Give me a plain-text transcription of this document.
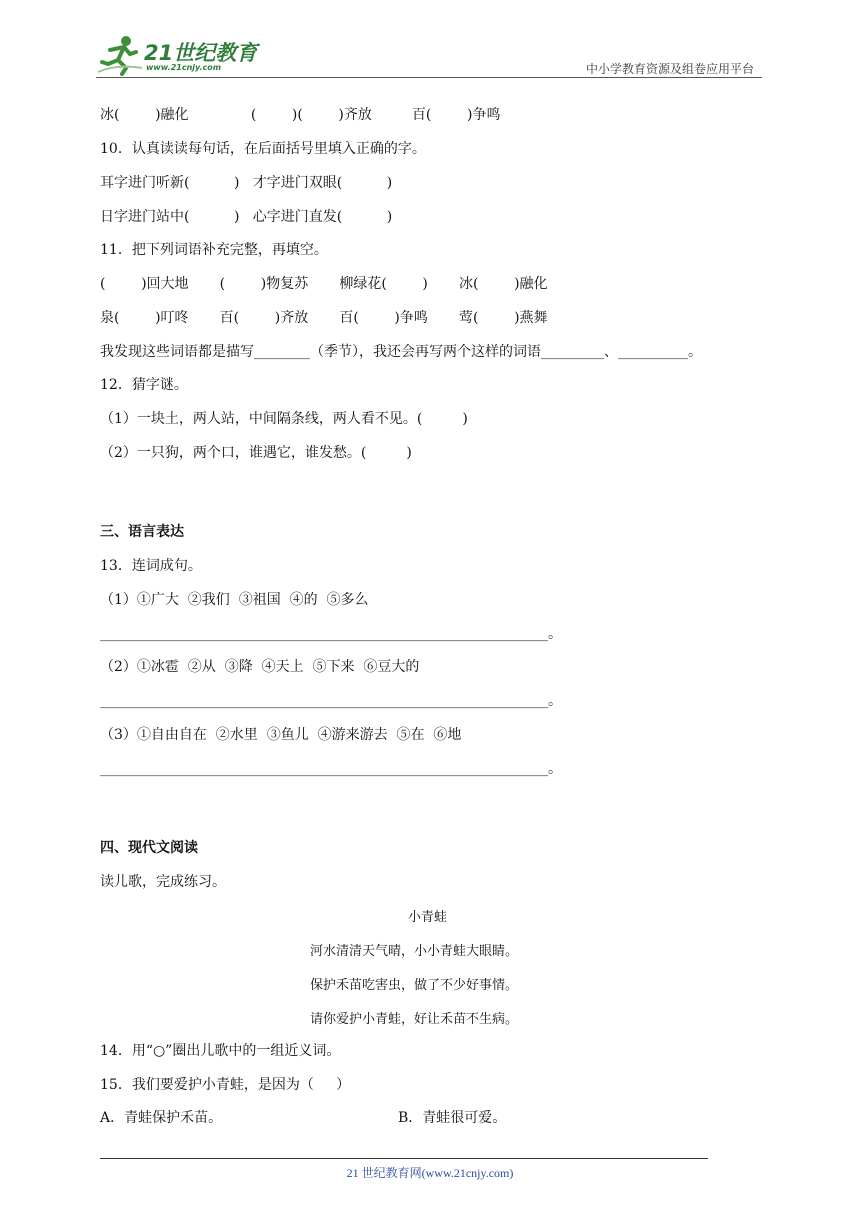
21世纪教育
www.21cnjy.com	中小学教育资源及组卷应用平台
冰(        )融化              (        )(        )齐放         百(        )争鸣
10．认真读读每句话，在后面括号里填入正确的字。
耳字进门听新(          )   才字进门双眼(          )
日字进门站中(          )   心字进门直发(          )
11．把下列词语补充完整，再填空。
(        )回大地       (        )物复苏       柳绿花(        )       冰(        )融化
泉(        )叮咚       百(        )齐放       百(        )争鸣       莺(        )燕舞
我发现这些词语都是描写________（季节），我还会再写两个这样的词语_________、__________。
12．猜字谜。
（1）一块土，两人站，中间隔条线，两人看不见。(         )
（2）一只狗，两个口，谁遇它，谁发愁。(         )
三、语言表达
13．连词成句。
（1）①广大  ②我们  ③祖国  ④的  ⑤多么
________________________________________________________________。
（2）①冰雹  ②从  ③降  ④天上  ⑤下来  ⑥豆大的
________________________________________________________________。
（3）①自由自在  ②水里  ③鱼儿  ④游来游去  ⑤在  ⑥地
________________________________________________________________。
四、现代文阅读
读儿歌，完成练习。
小青蛙
河水清清天气晴，小小青蛙大眼睛。
保护禾苗吃害虫，做了不少好事情。
请你爱护小青蛙，好让禾苗不生病。
14．用“○”圈出儿歌中的一组近义词。
15．我们要爱护小青蛙，是因为（     ）
A．青蛙保护禾苗。	B．青蛙很可爱。
21 世纪教育网(www.21cnjy.com)
